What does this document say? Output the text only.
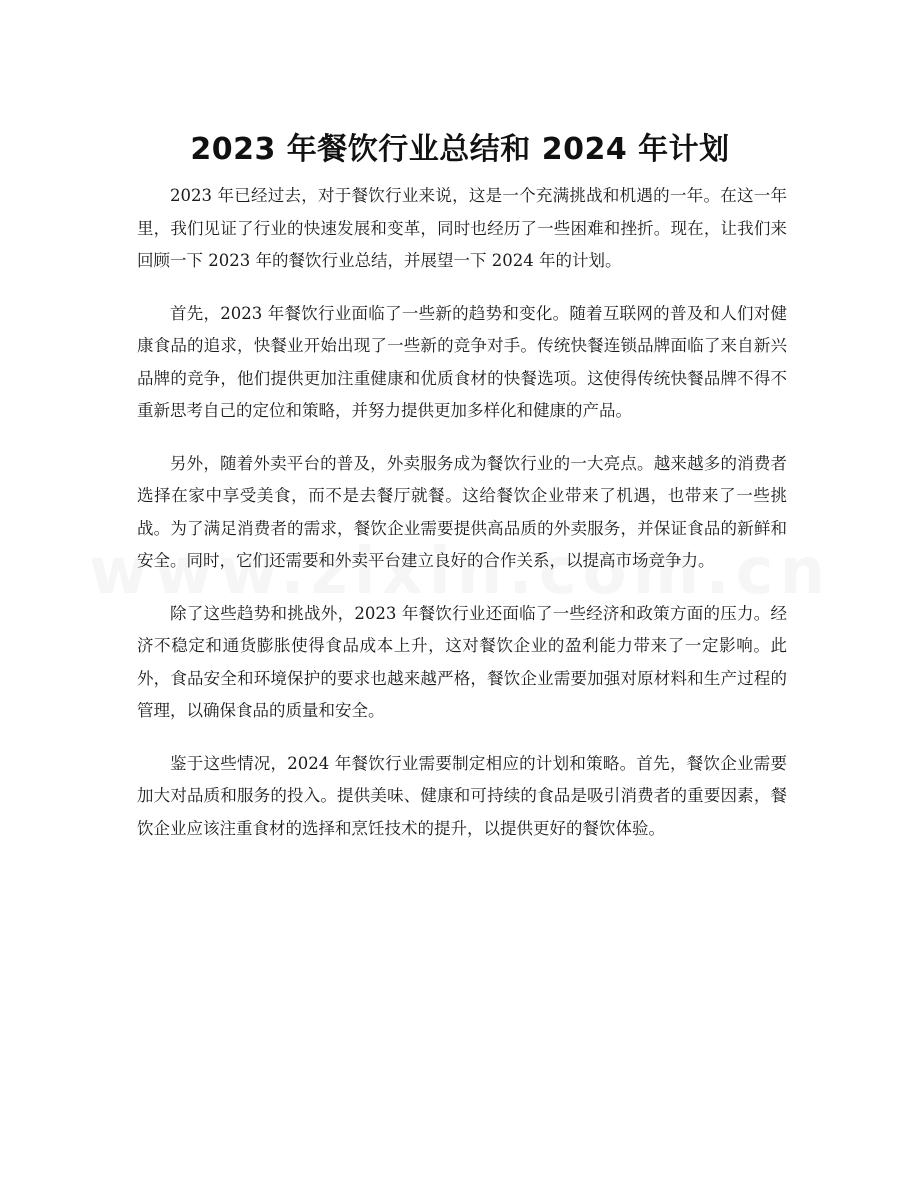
2023 年餐饮行业总结和 2024 年计划

2023 年已经过去，对于餐饮行业来说，这是一个充满挑战和机遇的一年。在这一年里，我们见证了行业的快速发展和变革，同时也经历了一些困难和挫折。现在，让我们来回顾一下 2023 年的餐饮行业总结，并展望一下 2024 年的计划。

首先，2023 年餐饮行业面临了一些新的趋势和变化。随着互联网的普及和人们对健康食品的追求，快餐业开始出现了一些新的竞争对手。传统快餐连锁品牌面临了来自新兴品牌的竞争，他们提供更加注重健康和优质食材的快餐选项。这使得传统快餐品牌不得不重新思考自己的定位和策略，并努力提供更加多样化和健康的产品。

另外，随着外卖平台的普及，外卖服务成为餐饮行业的一大亮点。越来越多的消费者选择在家中享受美食，而不是去餐厅就餐。这给餐饮企业带来了机遇，也带来了一些挑战。为了满足消费者的需求，餐饮企业需要提供高品质的外卖服务，并保证食品的新鲜和安全。同时，它们还需要和外卖平台建立良好的合作关系，以提高市场竞争力。

除了这些趋势和挑战外，2023 年餐饮行业还面临了一些经济和政策方面的压力。经济不稳定和通货膨胀使得食品成本上升，这对餐饮企业的盈利能力带来了一定影响。此外，食品安全和环境保护的要求也越来越严格，餐饮企业需要加强对原材料和生产过程的管理，以确保食品的质量和安全。

鉴于这些情况，2024 年餐饮行业需要制定相应的计划和策略。首先，餐饮企业需要加大对品质和服务的投入。提供美味、健康和可持续的食品是吸引消费者的重要因素，餐饮企业应该注重食材的选择和烹饪技术的提升，以提供更好的餐饮体验。
